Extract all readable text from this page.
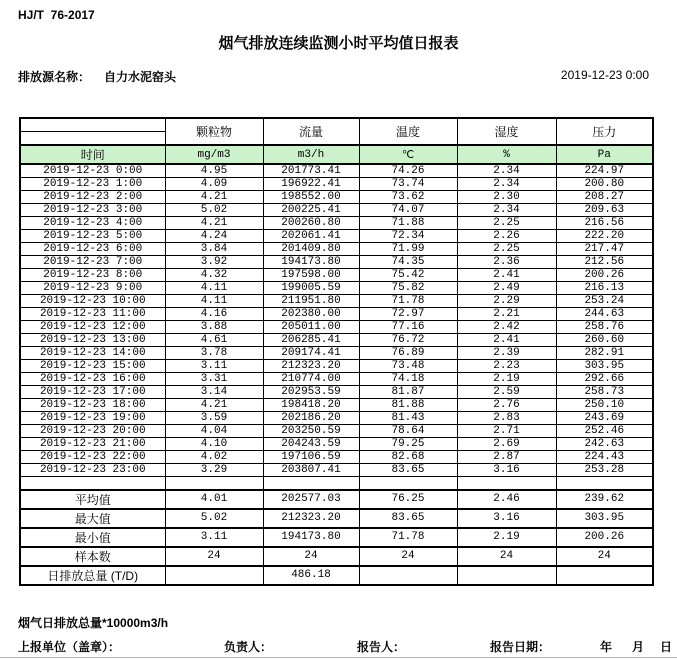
HJ/T  76-2017
烟气排放连续监测小时平均值日报表
排放源名称： 自力水泥窑头	2019-12-23 0:00
	颗粒物	流量	温度	湿度	压力

时间	mg/m3	m3/h	℃	%	Pa
2019-12-23 0:00	4.95	201773.41	74.26	2.34	224.97
2019-12-23 1:00	4.09	196922.41	73.74	2.34	200.80
2019-12-23 2:00	4.21	198552.00	73.62	2.30	208.27
2019-12-23 3:00	5.02	200225.41	74.07	2.34	209.63
2019-12-23 4:00	4.21	200260.80	71.88	2.25	216.56
2019-12-23 5:00	4.24	202061.41	72.34	2.26	222.20
2019-12-23 6:00	3.84	201409.80	71.99	2.25	217.47
2019-12-23 7:00	3.92	194173.80	74.35	2.36	212.56
2019-12-23 8:00	4.32	197598.00	75.42	2.41	200.26
2019-12-23 9:00	4.11	199005.59	75.82	2.49	216.13
2019-12-23 10:00	4.11	211951.80	71.78	2.29	253.24
2019-12-23 11:00	4.16	202380.00	72.97	2.21	244.63
2019-12-23 12:00	3.88	205011.00	77.16	2.42	258.76
2019-12-23 13:00	4.61	206285.41	76.72	2.41	260.60
2019-12-23 14:00	3.78	209174.41	76.89	2.39	282.91
2019-12-23 15:00	3.11	212323.20	73.48	2.23	303.95
2019-12-23 16:00	3.31	210774.00	74.18	2.19	292.66
2019-12-23 17:00	3.14	202953.59	81.87	2.59	258.73
2019-12-23 18:00	4.21	198418.20	81.88	2.76	250.10
2019-12-23 19:00	3.59	202186.20	81.43	2.83	243.69
2019-12-23 20:00	4.04	203250.59	78.64	2.71	252.46
2019-12-23 21:00	4.10	204243.59	79.25	2.69	242.63
2019-12-23 22:00	4.02	197106.59	82.68	2.87	224.43
2019-12-23 23:00	3.29	203807.41	83.65	3.16	253.28

平均值	4.01	202577.03	76.25	2.46	239.62
最大值	5.02	212323.20	83.65	3.16	303.95
最小值	3.11	194173.80	71.78	2.19	200.26
样本数	24	24	24	24	24
日排放总量 (T/D)		486.18			
烟气日排放总量*10000m3/h
上报单位（盖章）：	负责人：	报告人：	报告日期：	年 月 日
